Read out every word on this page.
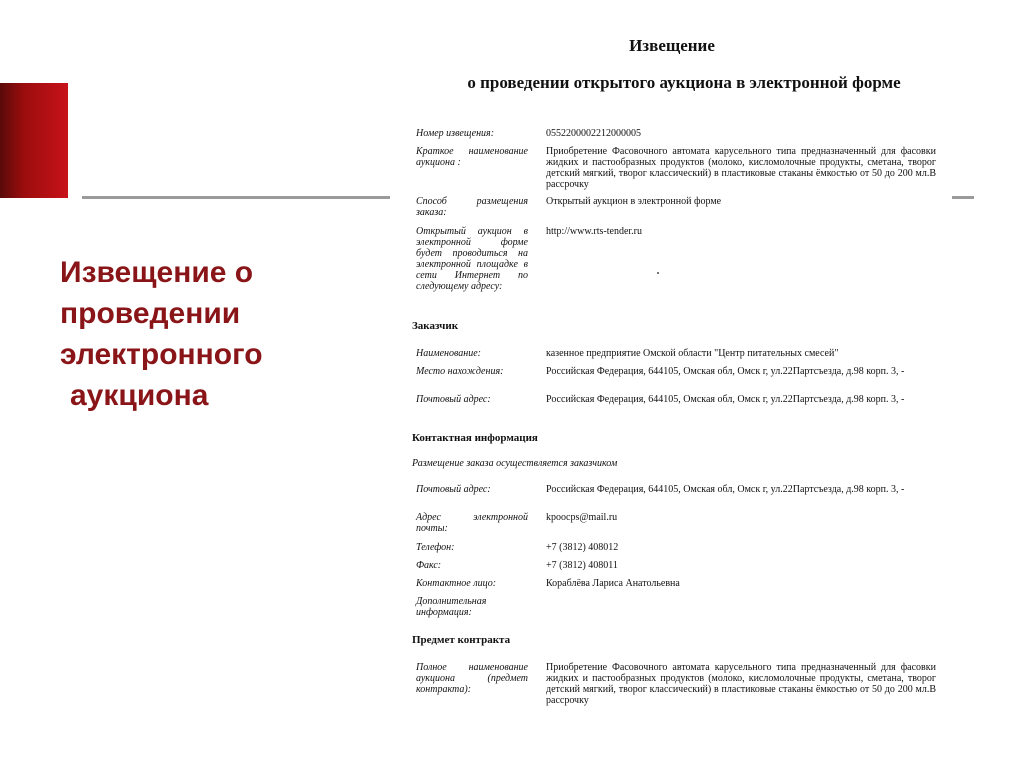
Извещение о
проведении
электронного
аукциона
Извещение
о проведении открытого аукциона в электронной форме
Номер извещения:	0552200002212000005
Краткое наименование аукциона :
Приобретение Фасовочного автомата карусельного типа предназначенный для фасовки жидких и пастообразных продуктов (молоко, кисломолочные продукты, сметана, творог детский мягкий, творог классический) в пластиковые стаканы ёмкостью от 50 до 200 мл.В рассрочку
Способ размещения заказа:
Открытый аукцион в электронной форме
Открытый аукцион в электронной форме будет проводиться на электронной площадке в сети Интернет по следующему адресу:
http://www.rts-tender.ru
Заказчик
Наименование:	казенное предприятие Омской области "Центр питательных смесей"
Место нахождения:	Российская Федерация, 644105, Омская обл, Омск г, ул.22Партсъезда, д.98 корп. 3, -
Почтовый адрес:	Российская Федерация, 644105, Омская обл, Омск г, ул.22Партсъезда, д.98 корп. 3, -
Контактная информация
Размещение заказа осуществляется заказчиком
Почтовый адрес:	Российская Федерация, 644105, Омская обл, Омск г, ул.22Партсъезда, д.98 корп. 3, -
Адрес электронной почты:
kpoocps@mail.ru
Телефон:	+7 (3812) 408012
Факс:	+7 (3812) 408011
Контактное лицо:	Кораблёва Лариса Анатольевна
Дополнительная информация:
Предмет контракта
Полное наименование аукциона (предмет контракта):
Приобретение Фасовочного автомата карусельного типа предназначенный для фасовки жидких и пастообразных продуктов (молоко, кисломолочные продукты, сметана, творог детский мягкий, творог классический) в пластиковые стаканы ёмкостью от 50 до 200 мл.В рассрочку
